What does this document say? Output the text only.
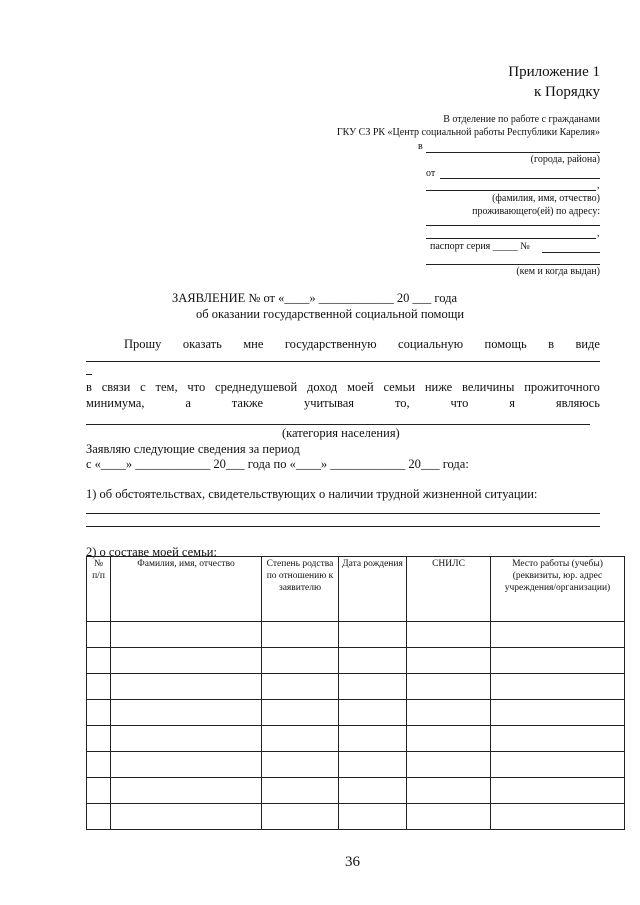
Приложение 1
к Порядку
В отделение по работе с гражданами
ГКУ СЗ РК «Центр социальной работы Республики Карелия»
в
(города, района)
от
,
(фамилия, имя, отчество)
проживающего(ей) по адресу:
,
паспорт серия _____ №
(кем и когда выдан)
ЗАЯВЛЕНИЕ № от «____» ____________ 20 ___ года
об оказании государственной социальной помощи
Прошу оказать мне государственную социальную помощь в виде
в связи с тем, что среднедушевой доход моей семьи ниже величины прожиточного
минимума,	а	также	учитывая	то,	что	я	являюсь
(категория населения)
Заявляю следующие сведения за период
с «____» ____________ 20___ года по «____» ____________ 20___ года:
1) об обстоятельствах, свидетельствующих о наличии трудной жизненной ситуации:
2) о составе моей семьи:
№ п/п	Фамилия, имя, отчество	Степень родства по отношению к заявителю	Дата рождения	СНИЛС	Место работы (учебы)(реквизиты, юр. адрес учреждения/организации)

36
